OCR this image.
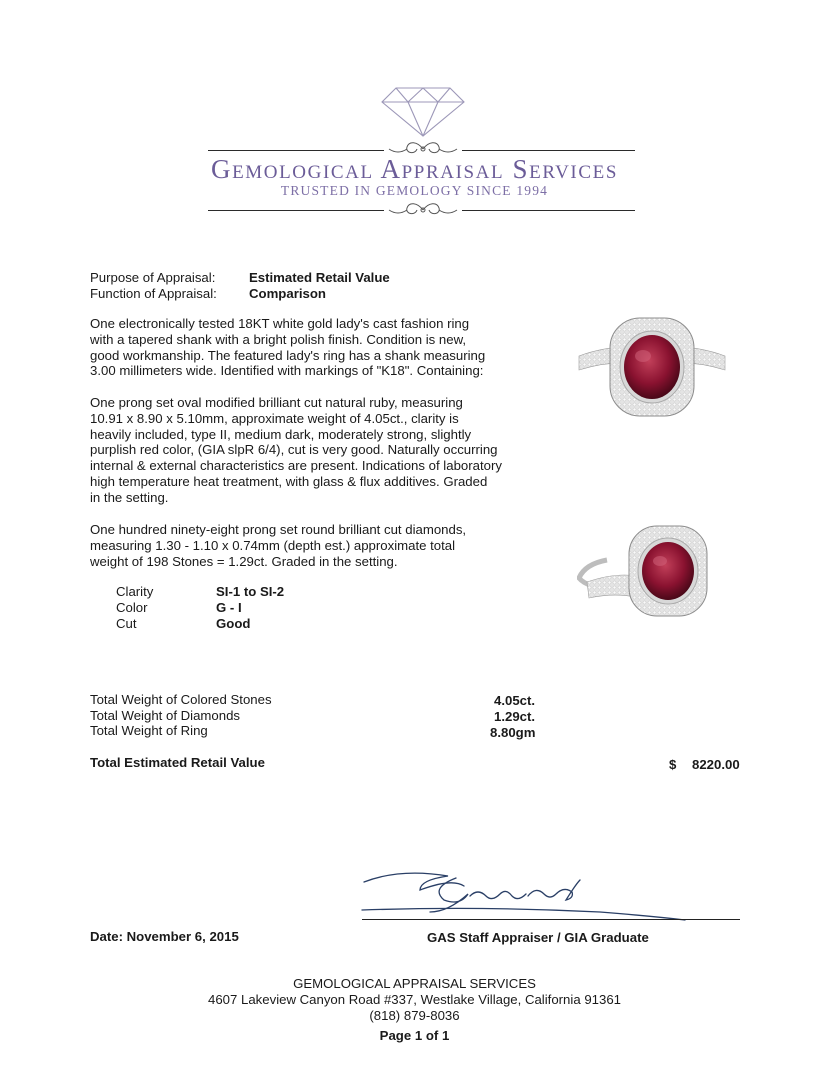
Gemological Appraisal Services
TRUSTED IN GEMOLOGY SINCE 1994
Purpose of Appraisal:	Estimated Retail Value
Function of Appraisal: Comparison
One electronically tested 18KT white gold lady's cast fashion ring
with a tapered shank with a bright polish finish. Condition is new,
good workmanship. The featured lady's ring has a shank measuring
3.00 millimeters wide. Identified with markings of "K18". Containing:
One prong set oval modified brilliant cut natural ruby, measuring
10.91 x 8.90 x 5.10mm, approximate weight of 4.05ct., clarity is
heavily included, type II, medium dark, moderately strong, slightly
purplish red color, (GIA slpR 6/4), cut is very good. Naturally occurring
internal & external characteristics are present. Indications of laboratory
high temperature heat treatment, with glass & flux additives. Graded
in the setting.
One hundred ninety-eight prong set round brilliant cut diamonds,
measuring 1.30 - 1.10 x 0.74mm (depth est.) approximate total
weight of 198 Stones = 1.29ct. Graded in the setting.
Clarity	SI-1 to SI-2
Color	G - I
Cut	Good
Total Weight of Colored Stones	4.05ct.
Total Weight of Diamonds	1.29ct.
Total Weight of Ring	8.80gm
Total Estimated Retail Value	$ 8220.00
Date: November 6, 2015	GAS Staff Appraiser / GIA Graduate
GEMOLOGICAL APPRAISAL SERVICES
4607 Lakeview Canyon Road #337, Westlake Village, California 91361
(818) 879-8036
Page 1 of 1
